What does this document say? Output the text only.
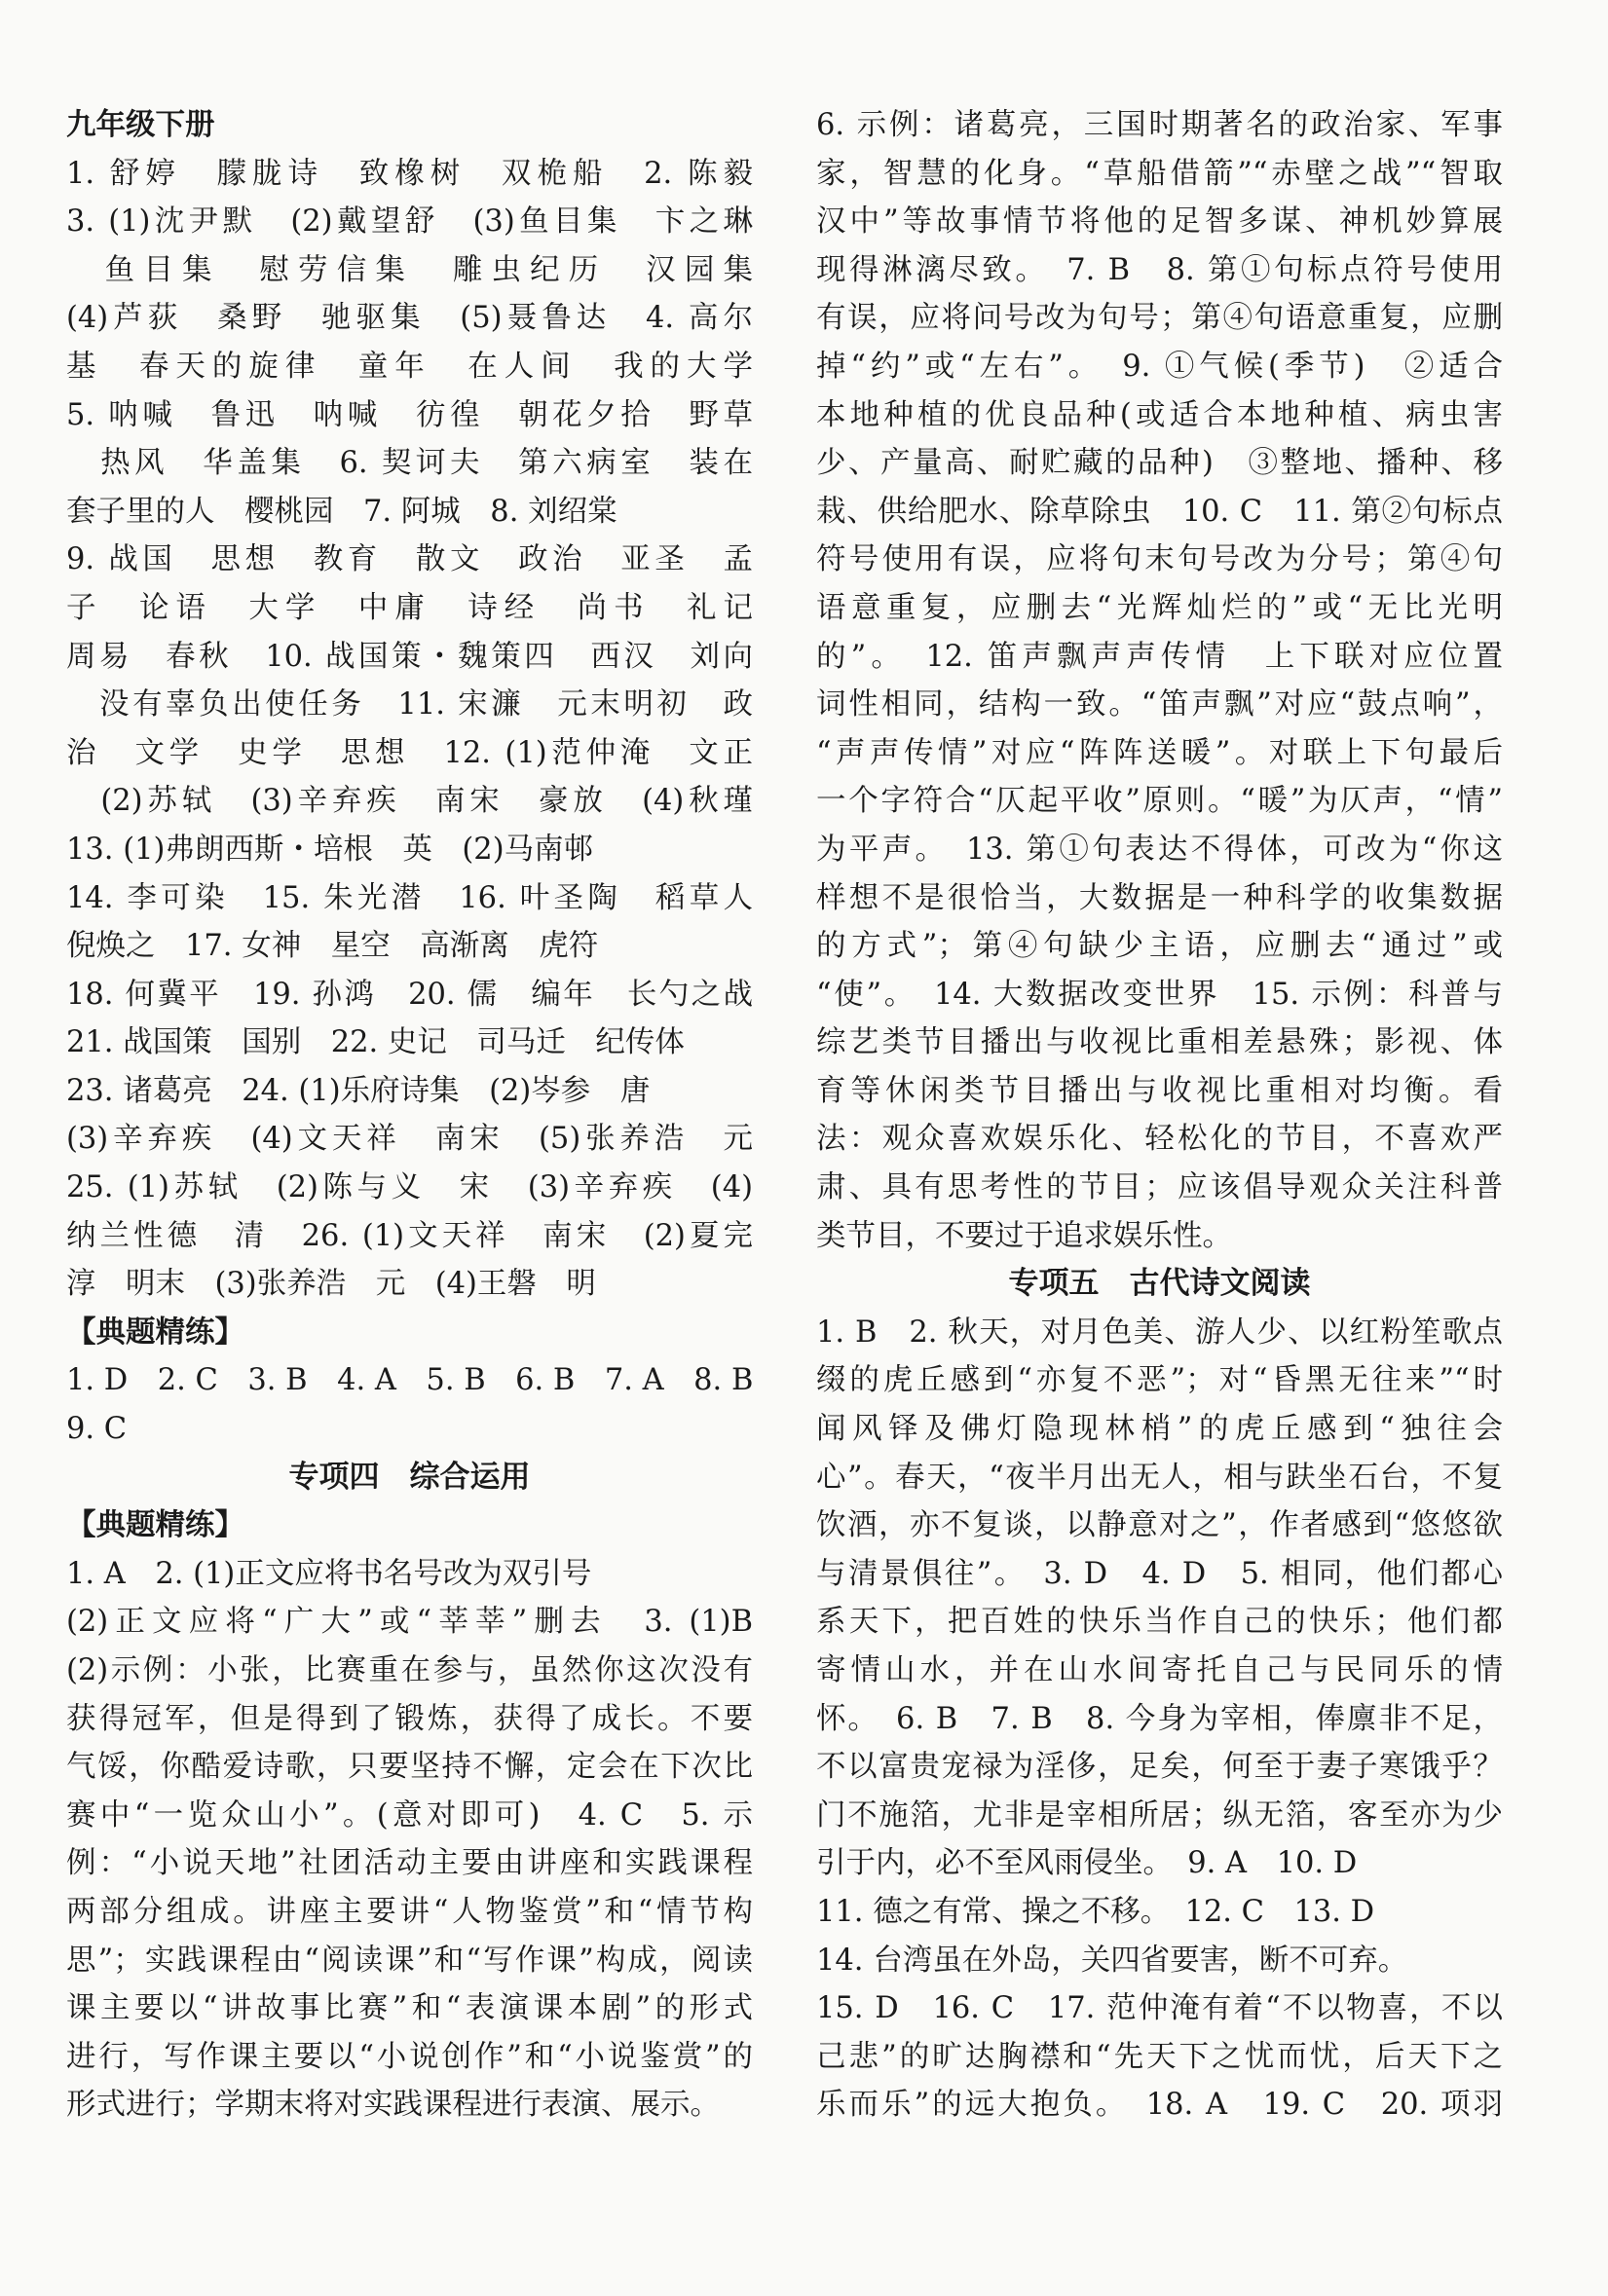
九年级下册

1. 舒婷　朦胧诗　致橡树　双桅船　2. 陈毅

3. (1)沈尹默　(2)戴望舒　(3)鱼目集　卞之琳

　鱼目集　慰劳信集　雕虫纪历　汉园集

(4)芦荻　桑野　驰驱集　(5)聂鲁达　4. 高尔

基　春天的旋律　童年　在人间　我的大学

5. 呐喊　鲁迅　呐喊　彷徨　朝花夕拾　野草

　热风　华盖集　6. 契诃夫　第六病室　装在

套子里的人　樱桃园　7. 阿城　8. 刘绍棠

9. 战国　思想　教育　散文　政治　亚圣　孟

子　论语　大学　中庸　诗经　尚书　礼记

周易　春秋　10. 战国策・魏策四　西汉　刘向

　没有辜负出使任务　11. 宋濂　元末明初　政

治　文学　史学　思想　12. (1)范仲淹　文正

　(2)苏轼　(3)辛弃疾　南宋　豪放　(4)秋瑾

13. (1)弗朗西斯・培根　英　(2)马南邨

14. 李可染　15. 朱光潜　16. 叶圣陶　稻草人

倪焕之　17. 女神　星空　高渐离　虎符

18. 何冀平　19. 孙鸿　20. 儒　编年　长勺之战

21. 战国策　国别　22. 史记　司马迁　纪传体

23. 诸葛亮　24. (1)乐府诗集　(2)岑参　唐

(3)辛弃疾　(4)文天祥　南宋　(5)张养浩　元

25. (1)苏轼　(2)陈与义　宋　(3)辛弃疾　(4)

纳兰性德　清　26. (1)文天祥　南宋　(2)夏完

淳　明末　(3)张养浩　元　(4)王磐　明

【典题精练】

1. D　2. C　3. B　4. A　5. B　6. B　7. A　8. B

9. C

专项四　综合运用

【典题精练】

1. A　2. (1)正文应将书名号改为双引号

(2)正文应将“广大”或“莘莘”删去　3. (1)B

(2)示例：小张，比赛重在参与，虽然你这次没有

获得冠军，但是得到了锻炼，获得了成长。不要

气馁，你酷爱诗歌，只要坚持不懈，定会在下次比

赛中“一览众山小”。(意对即可)　4. C　5. 示

例：“小说天地”社团活动主要由讲座和实践课程

两部分组成。讲座主要讲“人物鉴赏”和“情节构

思”；实践课程由“阅读课”和“写作课”构成，阅读

课主要以“讲故事比赛”和“表演课本剧”的形式

进行，写作课主要以“小说创作”和“小说鉴赏”的

形式进行；学期末将对实践课程进行表演、展示。

6. 示例：诸葛亮，三国时期著名的政治家、军事

家，智慧的化身。“草船借箭”“赤壁之战”“智取

汉中”等故事情节将他的足智多谋、神机妙算展

现得淋漓尽致。　7. B　8. 第①句标点符号使用

有误，应将问号改为句号；第④句语意重复，应删

掉“约”或“左右”。　9. ①气候(季节)　②适合

本地种植的优良品种(或适合本地种植、病虫害

少、产量高、耐贮藏的品种)　③整地、播种、移

栽、供给肥水、除草除虫　10. C　11. 第②句标点

符号使用有误，应将句末句号改为分号；第④句

语意重复，应删去“光辉灿烂的”或“无比光明

的”。　12. 笛声飘声声传情　上下联对应位置

词性相同，结构一致。“笛声飘”对应“鼓点响”，

“声声传情”对应“阵阵送暖”。对联上下句最后

一个字符合“仄起平收”原则。“暖”为仄声，“情”

为平声。　13. 第①句表达不得体，可改为“你这

样想不是很恰当，大数据是一种科学的收集数据

的方式”；第④句缺少主语，应删去“通过”或

“使”。　14. 大数据改变世界　15. 示例：科普与

综艺类节目播出与收视比重相差悬殊；影视、体

育等休闲类节目播出与收视比重相对均衡。看

法：观众喜欢娱乐化、轻松化的节目，不喜欢严

肃、具有思考性的节目；应该倡导观众关注科普

类节目，不要过于追求娱乐性。

专项五　古代诗文阅读

1. B　2. 秋天，对月色美、游人少、以红粉笙歌点

缀的虎丘感到“亦复不恶”；对“昏黑无往来”“时

闻风铎及佛灯隐现林梢”的虎丘感到“独往会

心”。春天，“夜半月出无人，相与趺坐石台，不复

饮酒，亦不复谈，以静意对之”，作者感到“悠悠欲

与清景俱往”。　3. D　4. D　5. 相同，他们都心

系天下，把百姓的快乐当作自己的快乐；他们都

寄情山水，并在山水间寄托自己与民同乐的情

怀。　6. B　7. B　8. 今身为宰相，俸廪非不足，

不以富贵宠禄为淫侈，足矣，何至于妻子寒饿乎？

门不施箔，尤非是宰相所居；纵无箔，客至亦为少

引于内，必不至风雨侵坐。　9. A　10. D

11. 德之有常、操之不移。　12. C　13. D

14. 台湾虽在外岛，关四省要害，断不可弃。

15. D　16. C　17. 范仲淹有着“不以物喜，不以

己悲”的旷达胸襟和“先天下之忧而忧，后天下之

乐而乐”的远大抱负。　18. A　19. C　20. 项羽
